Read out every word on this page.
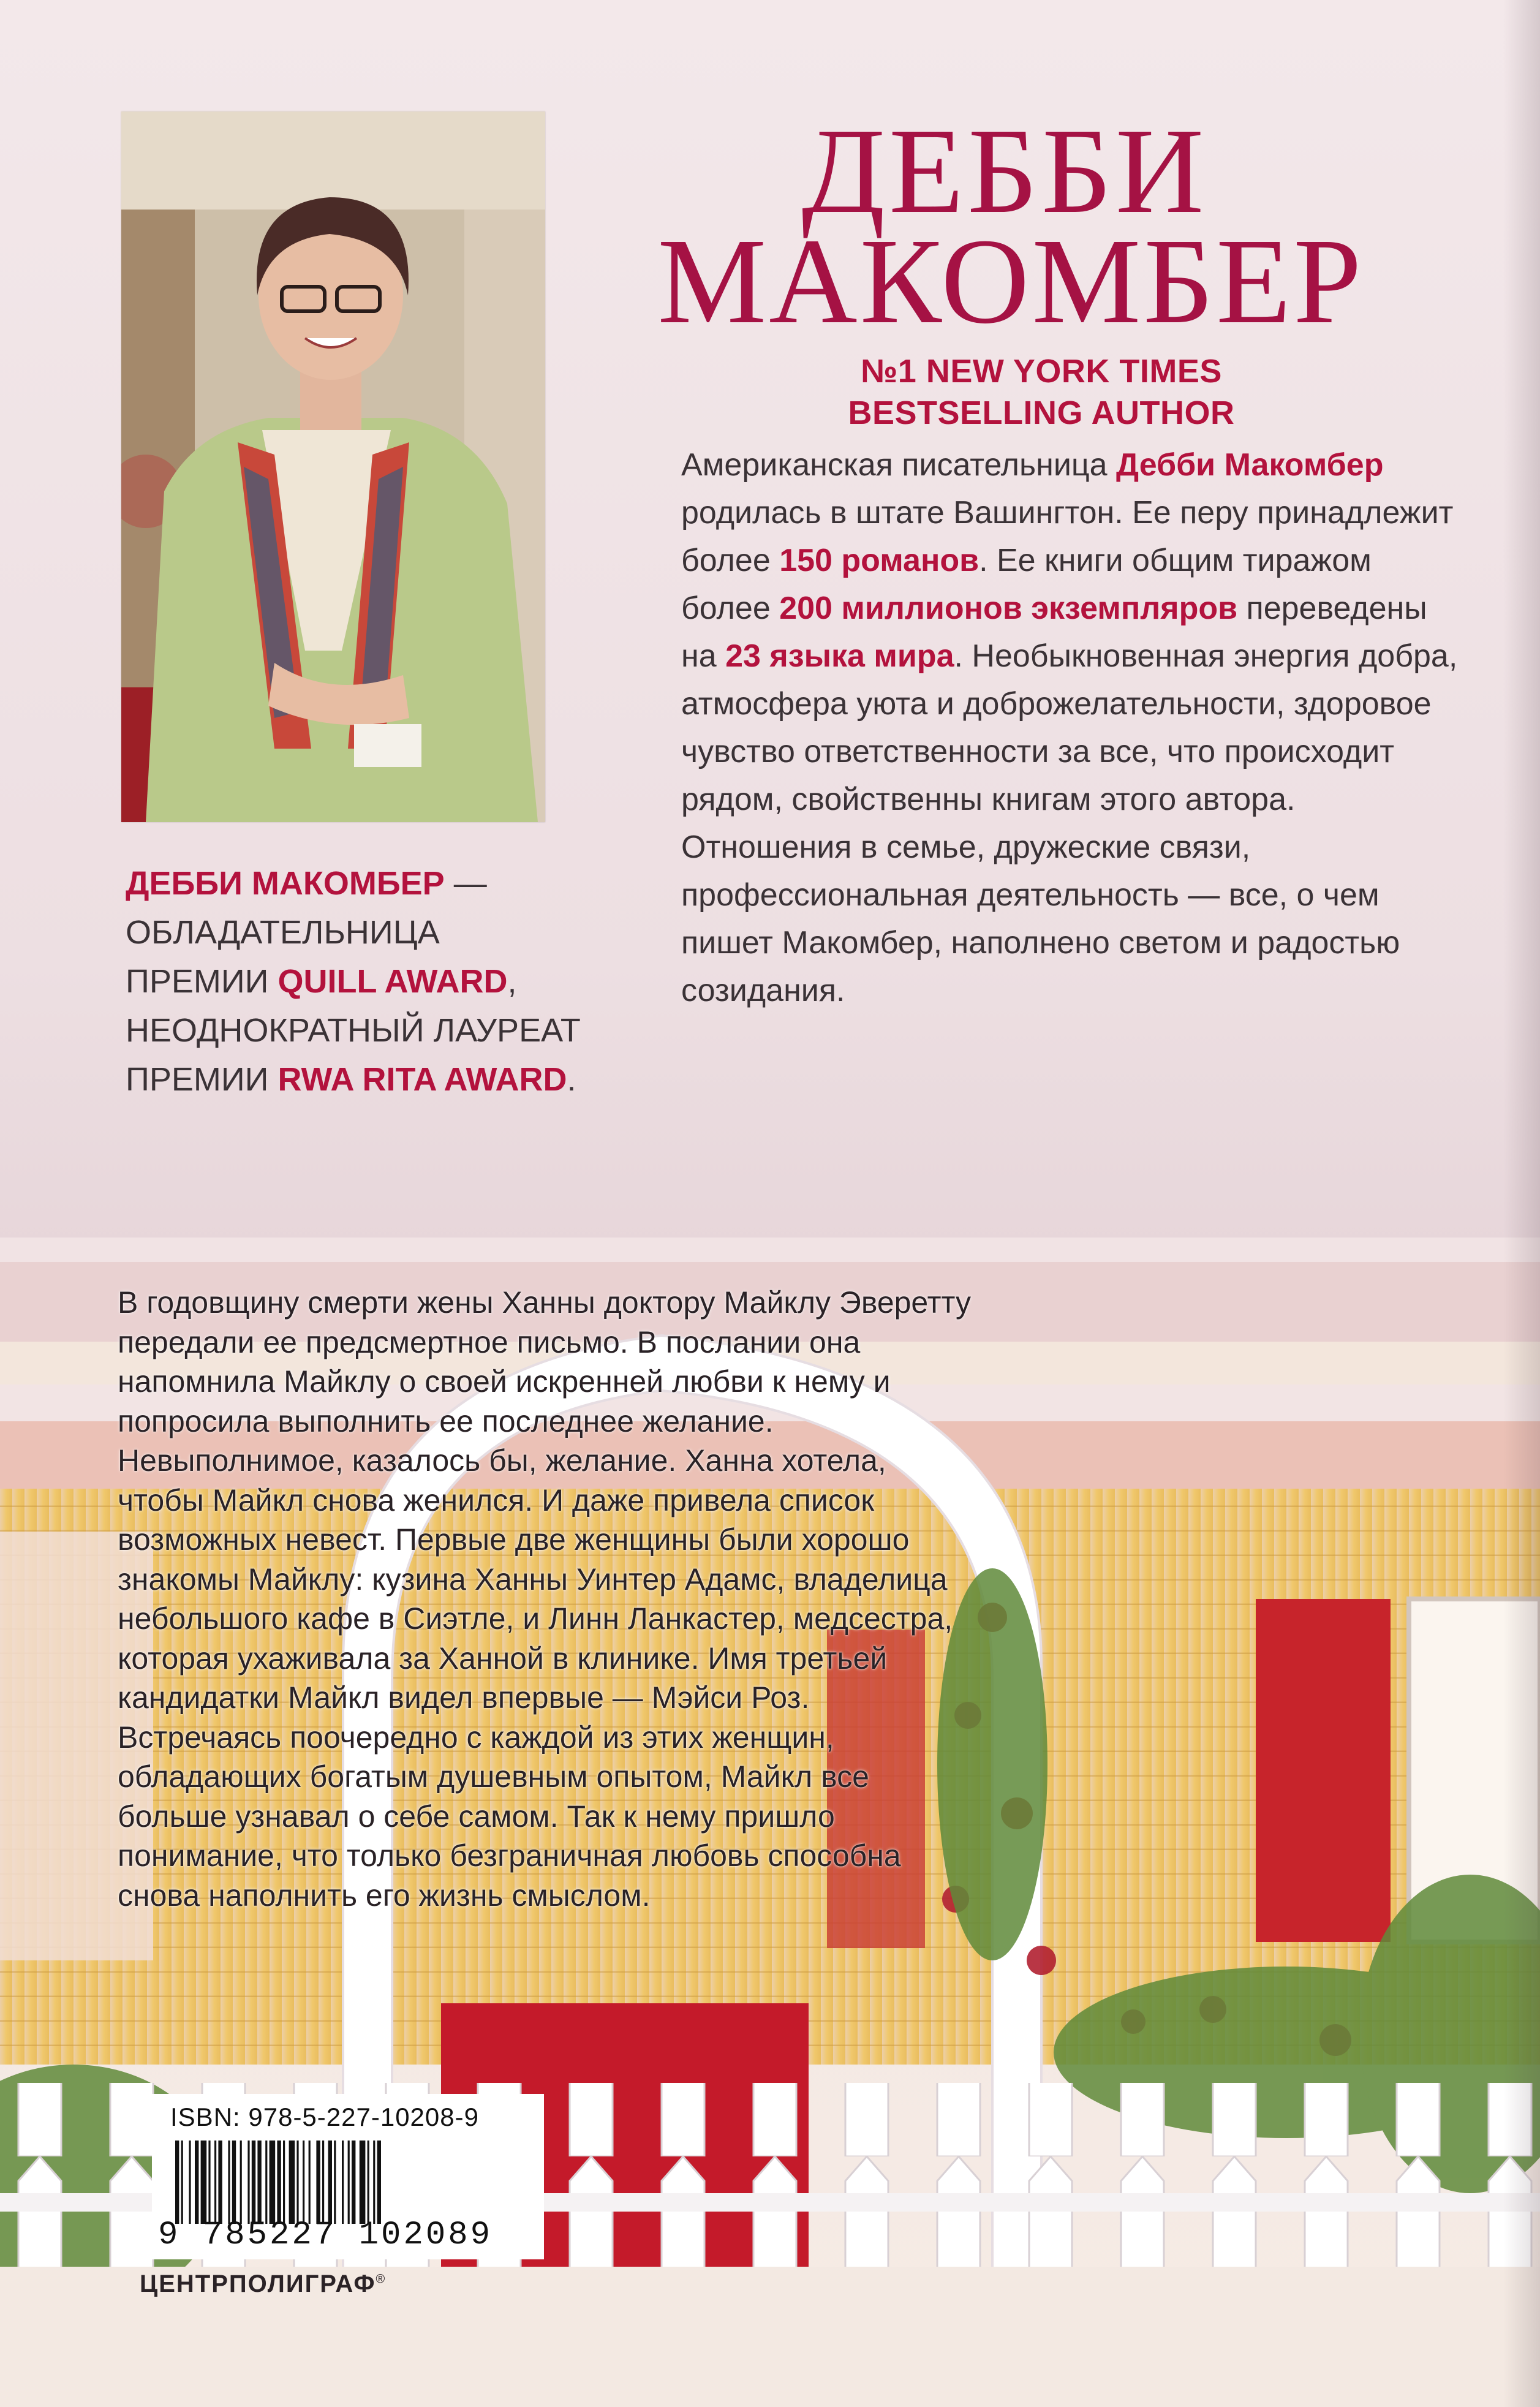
ДЕББИ
МАКОМБЕР
№1 NEW YORK TIMES
BESTSELLING AUTHOR
Американская писательница Дебби Макомбер родилась в штате Вашингтон. Ее перу принадлежит более 150 романов. Ее книги общим тиражом более 200 миллионов экземпляров переведены на 23 языка мира. Необыкновенная энергия добра, атмосфера уюта и доброжелательности, здоровое чувство ответственности за все, что происходит рядом, свойственны книгам этого автора. Отношения в семье, дружеские связи, профессиональная деятельность — все, о чем пишет Макомбер, наполнено светом и радостью созидания.
ДЕББИ МАКОМБЕР — ОБЛАДАТЕЛЬНИЦА ПРЕМИИ QUILL AWARD, НЕОДНОКРАТНЫЙ ЛАУРЕАТ ПРЕМИИ RWA RITA AWARD.
В годовщину смерти жены Ханны доктору Майклу Эверетту передали ее предсмертное письмо. В послании она напомнила Майклу о своей искренней любви к нему и попросила выполнить ее последнее желание. Невыполнимое, казалось бы, желание. Ханна хотела, чтобы Майкл снова женился. И даже привела список возможных невест. Первые две женщины были хорошо знакомы Майклу: кузина Ханны Уинтер Адамс, владелица небольшого кафе в Сиэтле, и Линн Ланкастер, медсестра, которая ухаживала за Ханной в клинике. Имя третьей кандидатки Майкл видел впервые — Мэйси Роз. Встречаясь поочередно с каждой из этих женщин, обладающих богатым душевным опытом, Майкл все больше узнавал о себе самом. Так к нему пришло понимание, что только безграничная любовь способна снова наполнить его жизнь смыслом.
ISBN: 978-5-227-10208-9
9 785227 102089
ЦЕНТРПОЛИГРАФ®
